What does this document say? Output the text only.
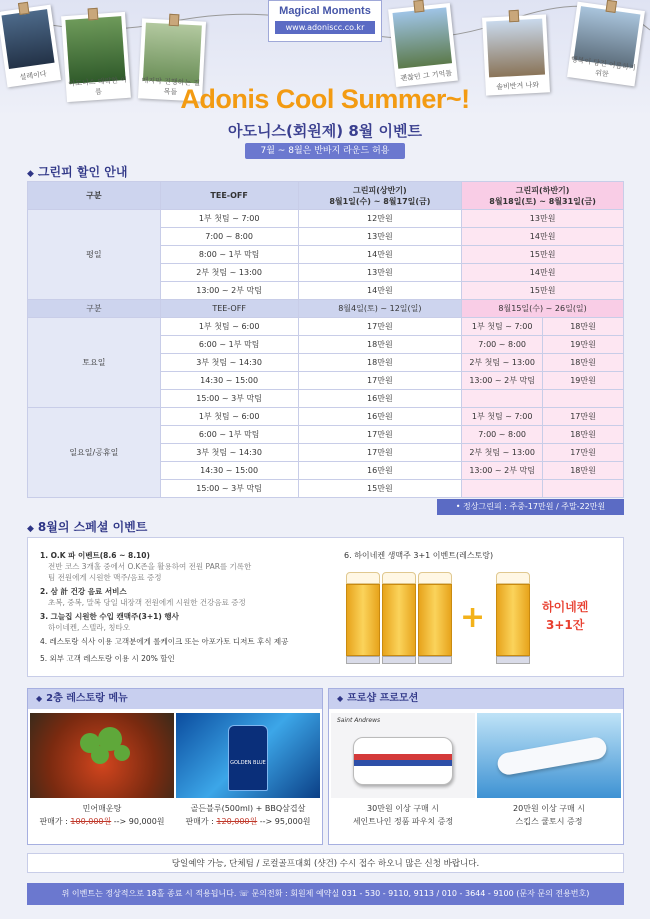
설레이다
아도니스 대략한 이름
매지막 진행하는 길목들
Magical Moments
www.adoniscc.co.kr
괜찮던 그 기억들
솔비반겨 나와
행복이 담긴 여름하기 위한
Adonis Cool Summer~!
아도니스(회원제) 8월 이벤트
7월 ~ 8월은 반바지 라운드 허용
◆ 그린피 할인 안내
구분	TEE-OFF	그린피(상반기)
8월1일(수) ~ 8월17일(금)	그린피(하반기)
8월18일(토) ~ 8월31일(금)	
평일	1부 첫팀 ~ 7:00	12만원	13만원	
	7:00 ~ 8:00	13만원	14만원	
	8:00 ~ 1부 막팀	14만원	15만원	
	2부 첫팀 ~ 13:00	13만원	14만원	
	13:00 ~ 2부 막팀	14만원	15만원	
구분	TEE-OFF	8월4일(토) ~ 12일(일)	8월15일(수) ~ 26일(일)	
토요일	1부 첫팀 ~ 6:00	17만원	1부 첫팀 ~ 7:00	18만원
	6:00 ~ 1부 막팀	18만원	7:00 ~ 8:00	19만원
	3부 첫팀 ~ 14:30	18만원	2부 첫팀 ~ 13:00	18만원
	14:30 ~ 15:00	17만원	13:00 ~ 2부 막팀	19만원
	15:00 ~ 3부 막팀	16만원		
일요일/공휴일	1부 첫팀 ~ 6:00	16만원	1부 첫팀 ~ 7:00	17만원
	6:00 ~ 1부 막팀	17만원	7:00 ~ 8:00	18만원
	3부 첫팀 ~ 14:30	17만원	2부 첫팀 ~ 13:00	17만원
	14:30 ~ 15:00	16만원	13:00 ~ 2부 막팀	18만원
	15:00 ~ 3부 막팀	15만원		
• 정상그린피 : 주중-17만원 / 주말-22만원
◆ 8월의 스페셜 이벤트
1. O.K 파 이벤트(8.6 ~ 8.10)
전반 코스 3개홀 중에서 O.K존을 활용하여 전원 PAR를 기록한
팀 전원에게 시원한 맥주/음료 증정
2. 삼 計 건강 음료 서비스
초복, 중복, 말복 당일 내장객 전원에게 시원한 건강음료 증정
3. 그늘집 시원한 수입 캔맥주(3+1) 행사
하이네켄, 스텔라, 칭타오
4. 레스토랑 식사 이용 고객분에게 롤케이크 또는 아포가토 디저트 후식 제공
5. 외부 고객 레스토랑 이용 시 20% 할인
6. 하이네켄 생맥주 3+1 이벤트(레스토랑)
+	하이네켄
3+1잔
◆ 2층 레스토랑 메뉴
GOLDEN BLUE
민어매운탕
판매가 : 100,000원 --> 90,000원
골든블루(500ml) + BBQ삼겹살
판매가 : 120,000원 --> 95,000원
◆ 프로샵 프로모션
Saint Andrews
30만원 이상 구매 시
세인트나인 정품 파우치 증정
20만원 이상 구매 시
스킵스 쿨토시 증정
당일예약 가능, 단체팀 / 로컬골프대회 (샷건) 수시 접수 하오니 많은 신청 바랍니다.
위 이벤트는 정상적으로 18홀 종료 시 적용됩니다. ☏ 문의전화 : 회원제 예약실 031 - 530 - 9110, 9113 / 010 - 3644 - 9100 (문자 문의 전용번호)
